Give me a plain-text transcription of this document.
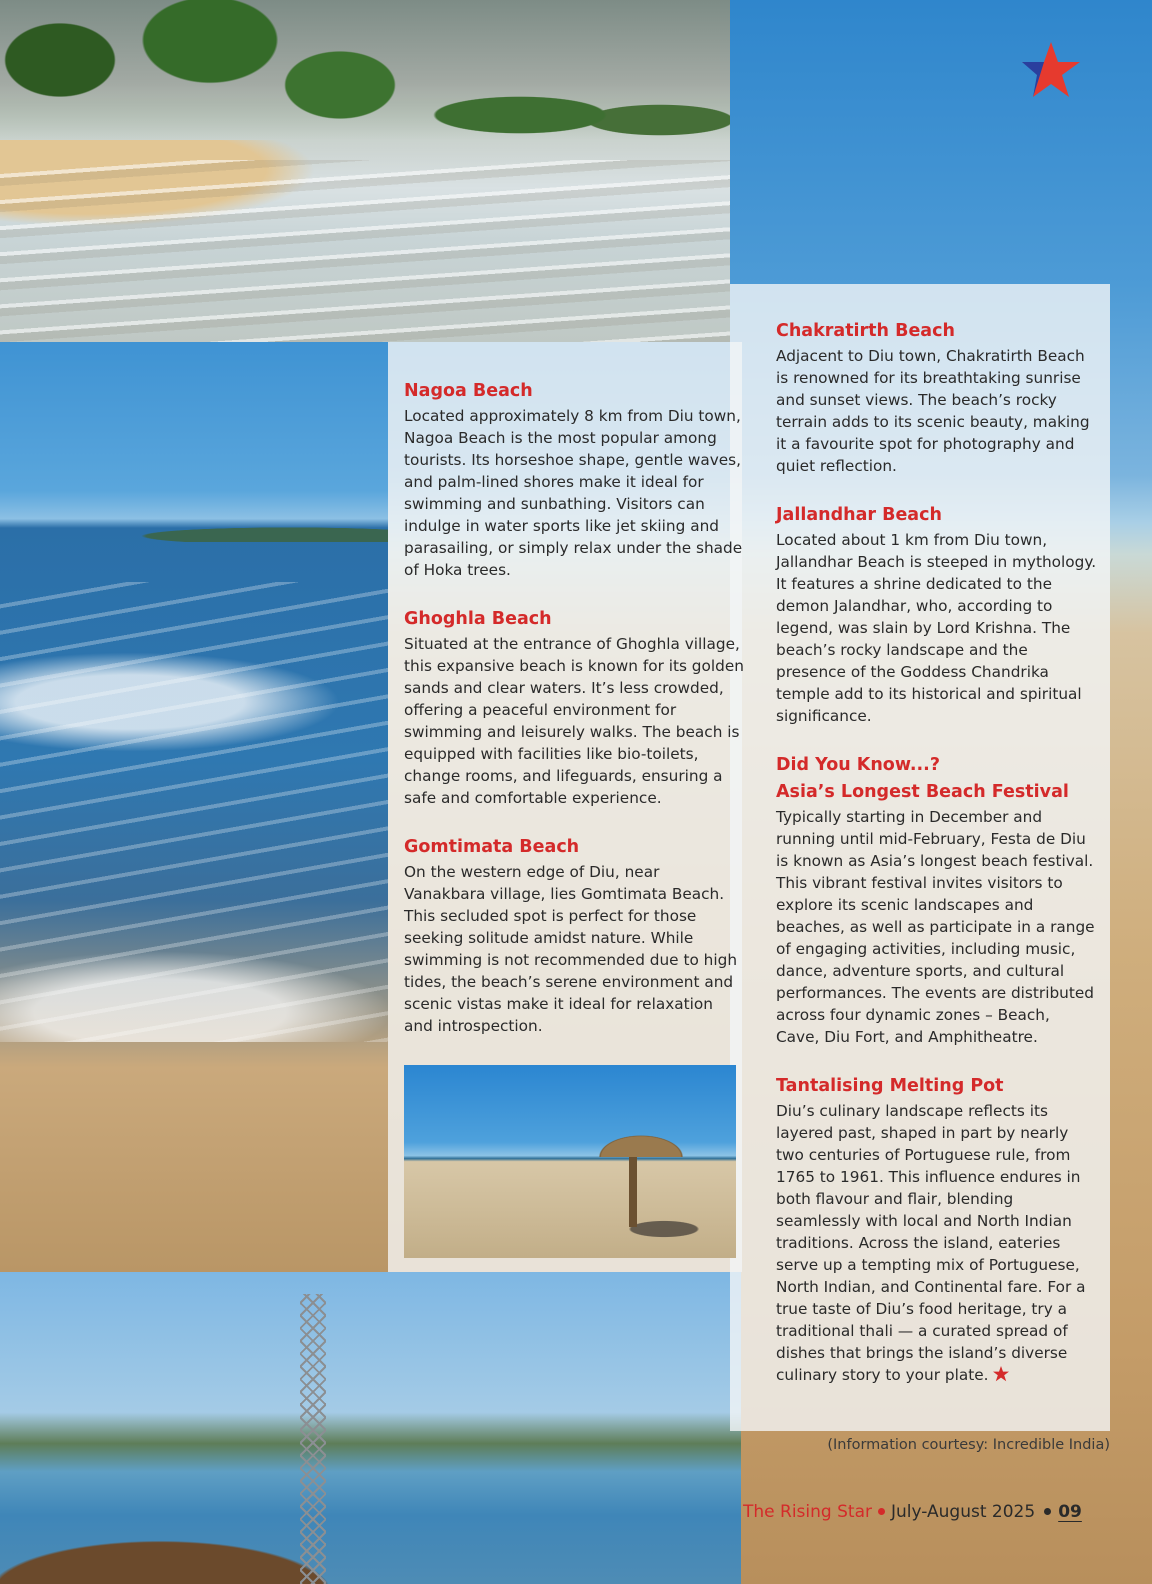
Nagoa Beach

Located approximately 8 km from Diu town, Nagoa Beach is the most popular among tourists. Its horseshoe shape, gentle waves, and palm-lined shores make it ideal for swimming and sunbathing. Visitors can indulge in water sports like jet skiing and parasailing, or simply relax under the shade of Hoka trees.

Ghoghla Beach

Situated at the entrance of Ghoghla village, this expansive beach is known for its golden sands and clear waters. It’s less crowded, offering a peaceful environment for swimming and leisurely walks. The beach is equipped with facilities like bio-toilets, change rooms, and lifeguards, ensuring a safe and comfortable experience.

Gomtimata Beach

On the western edge of Diu, near Vanakbara village, lies Gomtimata Beach. This secluded spot is perfect for those seeking solitude amidst nature. While swimming is not recommended due to high tides, the beach’s serene environment and scenic vistas make it ideal for relaxation and introspection.

Chakratirth Beach

Adjacent to Diu town, Chakratirth Beach is renowned for its breathtaking sunrise and sunset views. The beach’s rocky terrain adds to its scenic beauty, making it a favourite spot for photography and quiet reflection.

Jallandhar Beach

Located about 1 km from Diu town, Jallandhar Beach is steeped in mythology. It features a shrine dedicated to the demon Jalandhar, who, according to legend, was slain by Lord Krishna. The beach’s rocky landscape and the presence of the Goddess Chandrika temple add to its historical and spiritual significance.

Did You Know...?
Asia’s Longest Beach Festival

Typically starting in December and running until mid-February, Festa de Diu is known as Asia’s longest beach festival. This vibrant festival invites visitors to explore its scenic landscapes and beaches, as well as participate in a range of engaging activities, including music, dance, adventure sports, and cultural performances. The events are distributed across four dynamic zones – Beach, Cave, Diu Fort, and Amphitheatre.

Tantalising Melting Pot

Diu’s culinary landscape reflects its layered past, shaped in part by nearly two centuries of Portuguese rule, from 1765 to 1961. This influence endures in both flavour and flair, blending seamlessly with local and North Indian traditions. Across the island, eateries serve up a tempting mix of Portuguese, North Indian, and Continental fare. For a true taste of Diu’s food heritage, try a traditional thali — a curated spread of dishes that brings the island’s diverse culinary story to your plate.

(Information courtesy: Incredible India)
The Rising Star July-August 2025 09
